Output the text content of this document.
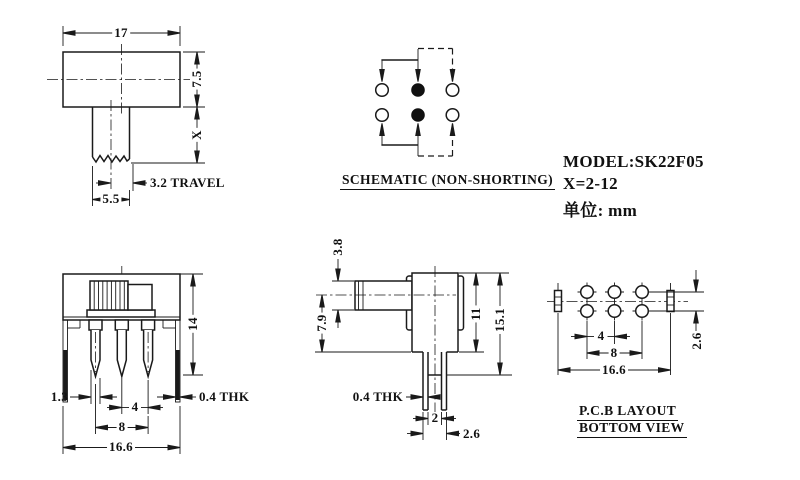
17
7.5
X
3.2 TRAVEL
5.5
SCHEMATIC (NON-SHORTING)
MODEL:SK22F05
X=2-12
单位: mm
14
1.3
4
8
16.6
0.4 THK
3.8
7.9
11 15.1
0.4 THK
2
2.6
4
8
16.6
2.6
P.C.B LAYOUT
BOTTOM VIEW
